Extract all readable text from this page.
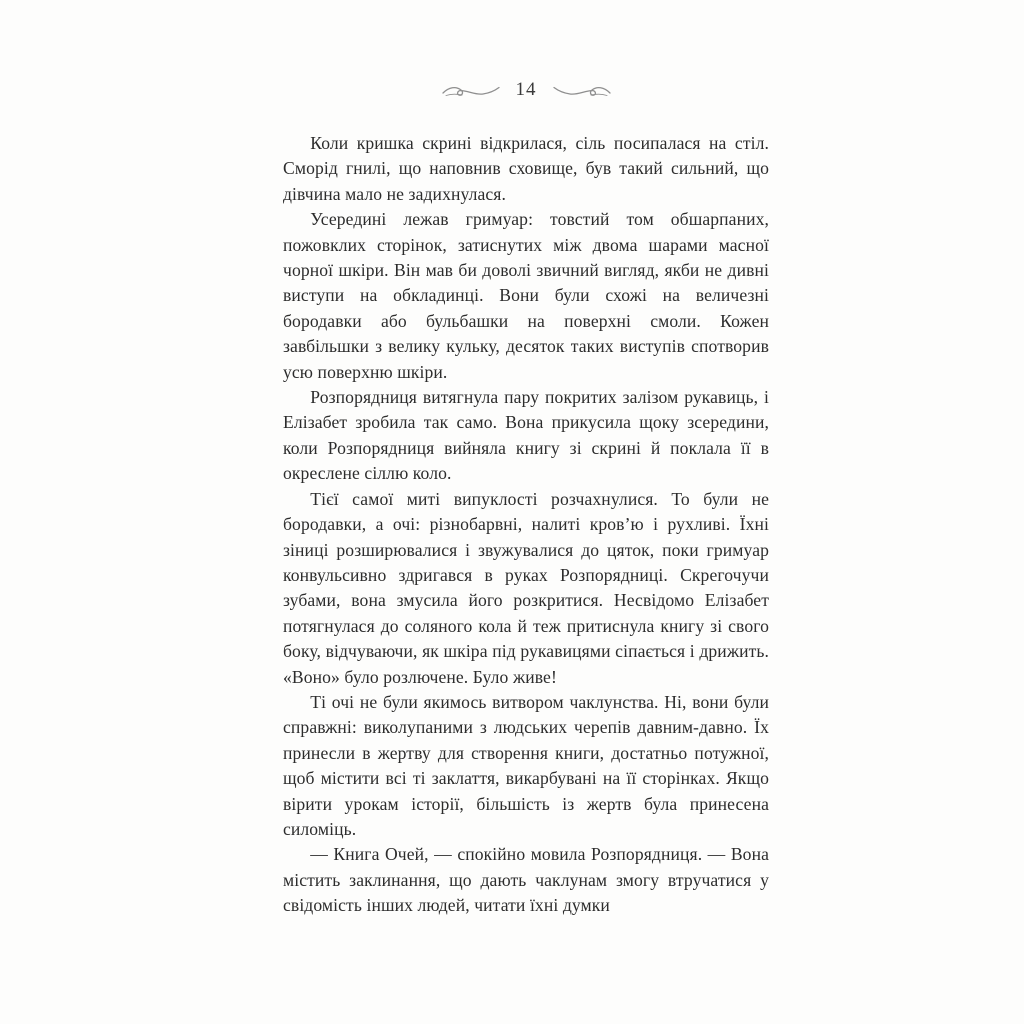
14

Коли кришка скрині відкрилася, сіль посипалася на стіл. Сморід гнилі, що наповнив сховище, був такий сильний, що дівчина мало не задихнулася.

Усередині лежав гримуар: товстий том обшарпаних, пожовклих сторінок, затиснутих між двома шарами масної чорної шкіри. Він мав би доволі звичний вигляд, якби не дивні виступи на обкладинці. Вони були схожі на величезні бородавки або бульбашки на поверхні смоли. Кожен завбільшки з велику кульку, десяток таких виступів спотворив усю поверхню шкіри.

Розпорядниця витягнула пару покритих залізом рукавиць, і Елізабет зробила так само. Вона прикусила щоку зсередини, коли Розпорядниця вийняла книгу зі скрині й поклала її в окреслене сіллю коло.

Тієї самої миті випуклості розчахнулися. То були не бородавки, а очі: різнобарвні, налиті кров’ю і рухливі. Їхні зіниці розширювалися і звужувалися до цяток, поки гримуар конвульсивно здригався в руках Розпорядниці. Скрегочучи зубами, вона змусила його розкритися. Несвідомо Елізабет потягнулася до соляного кола й теж притиснула книгу зі свого боку, відчуваючи, як шкіра під рукавицями сіпається і дрижить. «Воно» було розлючене. Було живе!

Ті очі не були якимось витвором чаклунства. Ні, вони були справжні: виколупаними з людських черепів давним-давно. Їх принесли в жертву для створення книги, достатньо потужної, щоб містити всі ті заклаття, викарбувані на її сторінках. Якщо вірити урокам історії, більшість із жертв була принесена силоміць.

— Книга Очей, — спокійно мовила Розпорядниця. — Вона містить заклинання, що дають чаклунам змогу втручатися у свідомість інших людей, читати їхні думки
